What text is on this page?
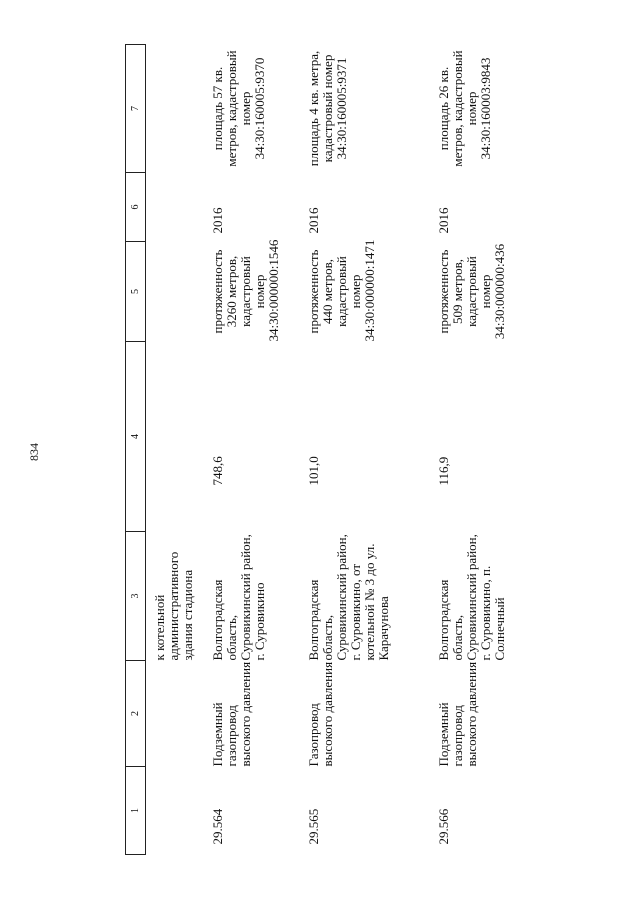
834
1	2	3	4	5	6	7
		к котельной административного здания стадиона				
29.564	Подземный газопровод высокого давления	Волгоградская область, Суровикинский район, г. Суровикино	748,6	протяженность 3260 метров, кадастровый номер 34:30:000000:1546	2016	площадь 57 кв. метров, кадастровый номер 34:30:160005:9370
29.565	Газопровод высокого давления	Волгоградская область, Суровикинский район, г. Суровикино, от котельной № 3 до ул. Карачунова	101,0	протяженность 440 метров, кадастровый номер 34:30:000000:1471	2016	площадь 4 кв. метра, кадастровый номер 34:30:160005:9371
29.566	Подземный газопровод высокого давления	Волгоградская область, Суровикинский район, г. Суровикино, п. Солнечный	116,9	протяженность 509 метров, кадастровый номер 34:30:000000:436	2016	площадь 26 кв. метров, кадастровый номер 34:30:160003:9843
